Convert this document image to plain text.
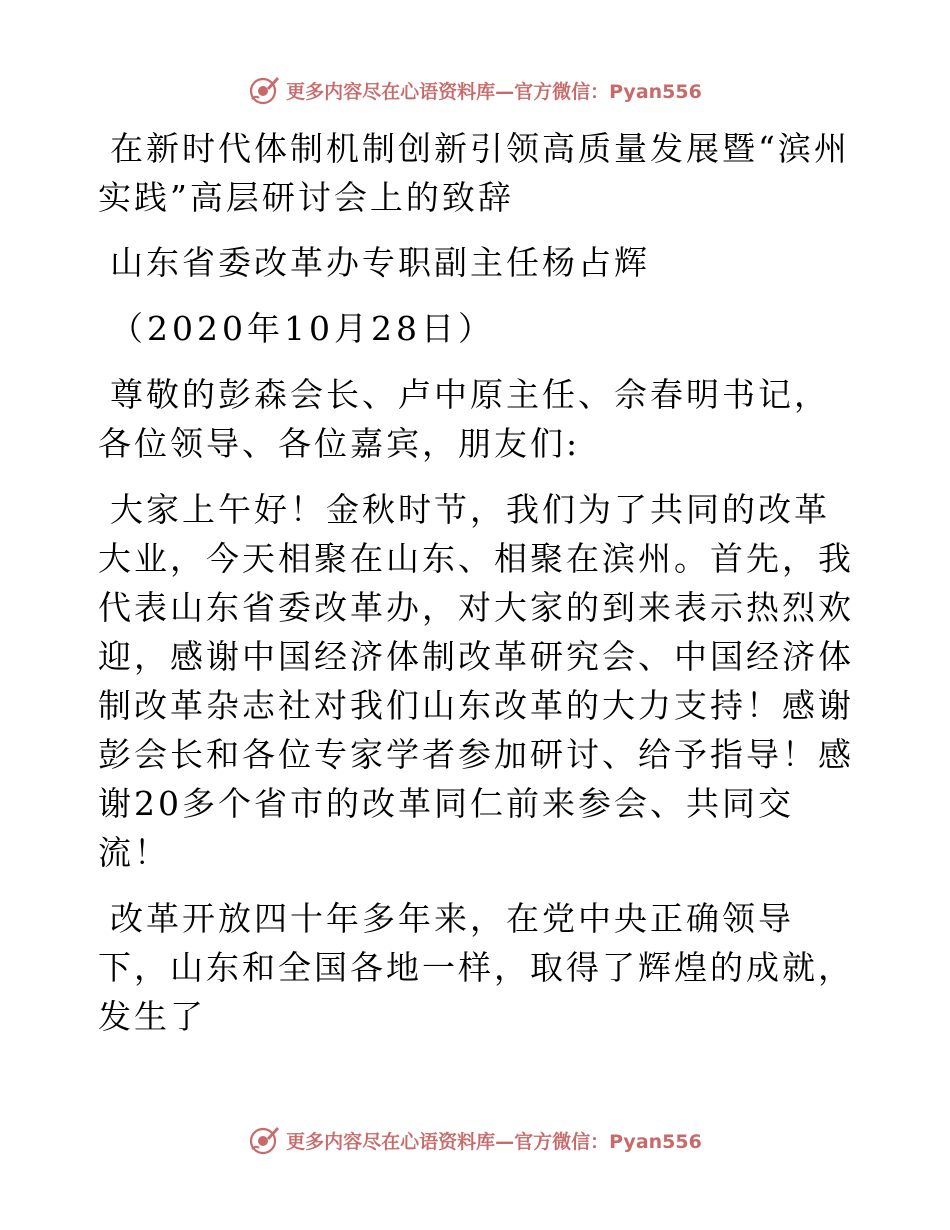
更多内容尽在心语资料库—官方微信：Pyan556

在新时代体制机制创新引领高质量发展暨“滨州实践”高层研讨会上的致辞

山东省委改革办专职副主任杨占辉

（2020年10月28日）

尊敬的彭森会长、卢中原主任、佘春明书记，各位领导、各位嘉宾，朋友们:

大家上午好！金秋时节，我们为了共同的改革大业，今天相聚在山东、相聚在滨州。首先，我代表山东省委改革办，对大家的到来表示热烈欢迎，感谢中国经济体制改革研究会、中国经济体制改革杂志社对我们山东改革的大力支持！感谢彭会长和各位专家学者参加研讨、给予指导！感谢20多个省市的改革同仁前来参会、共同交流！

改革开放四十年多年来，在党中央正确领导下，山东和全国各地一样，取得了辉煌的成就，发生了

更多内容尽在心语资料库—官方微信：Pyan556
